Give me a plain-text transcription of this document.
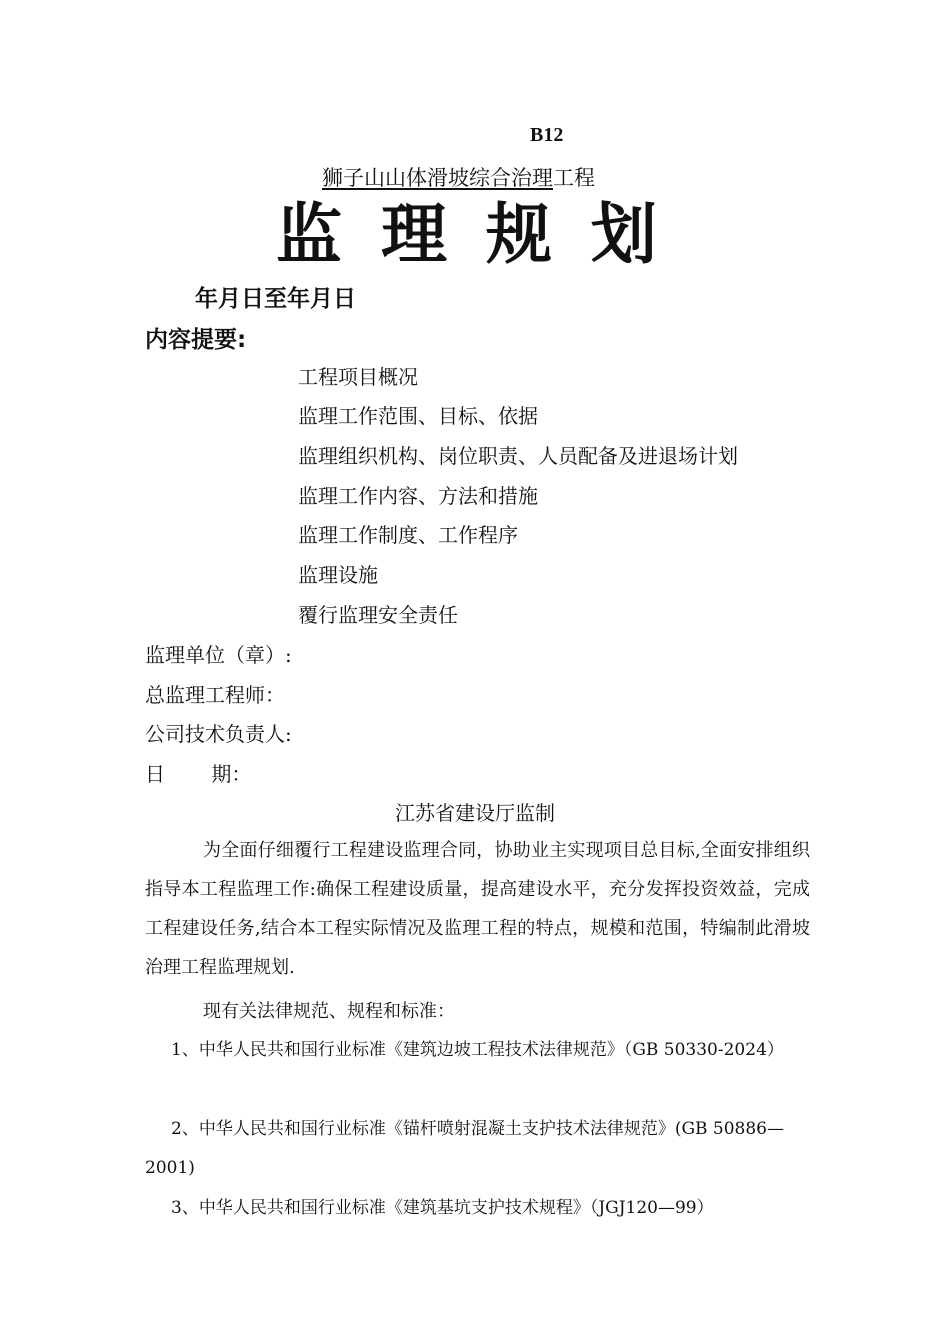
B12
狮子山山体滑坡综合治理工程
监 理 规 划
年月日至年月日
内容提要:
工程项目概况
监理工作范围、目标、依据
监理组织机构、岗位职责、人员配备及进退场计划
监理工作内容、方法和措施
监理工作制度、工作程序
监理设施
覆行监理安全责任
监理单位（章）:
总监理工程师：
公司技术负责人:
日　　 期：
江苏省建设厅监制
为全面仔细覆行工程建设监理合同，协助业主实现项目总目标,全面安排组织指导本工程监理工作:确保工程建设质量，提高建设水平，充分发挥投资效益，完成工程建设任务,结合本工程实际情况及监理工程的特点，规模和范围，特编制此滑坡治理工程监理规划.
现有关法律规范、规程和标准：
1、中华人民共和国行业标准《建筑边坡工程技术法律规范》（GB 50330-2024）
2、中华人民共和国行业标准《锚杆喷射混凝土支护技术法律规范》(GB 50886—2001)
3、中华人民共和国行业标准《建筑基坑支护技术规程》（JGJ120—99）
